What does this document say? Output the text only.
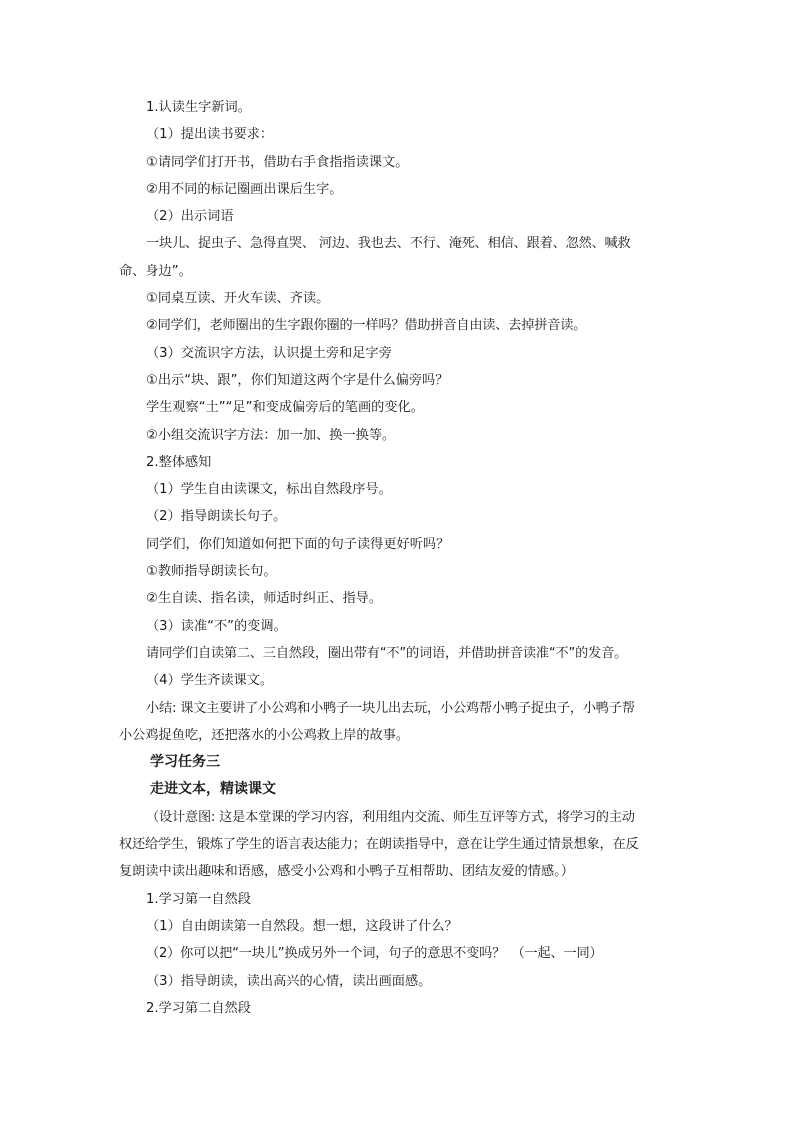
1.认读生字新词。
（1）提出读书要求：
①请同学们打开书，借助右手食指指读课文。
②用不同的标记圈画出课后生字。
（2）出示词语
一块儿、捉虫子、急得直哭、 河边、我也去、不行、淹死、相信、跟着、忽然、喊救
命、身边”。
①同桌互读、开火车读、齐读。
②同学们，老师圈出的生字跟你圈的一样吗？借助拼音自由读、去掉拼音读。
（3）交流识字方法，认识提土旁和足字旁
①出示“块、跟”，你们知道这两个字是什么偏旁吗？
学生观察“土”“足”和变成偏旁后的笔画的变化。
②小组交流识字方法：加一加、换一换等。
2.整体感知
（1）学生自由读课文，标出自然段序号。
（2）指导朗读长句子。
同学们，你们知道如何把下面的句子读得更好听吗？
①教师指导朗读长句。
②生自读、指名读，师适时纠正、指导。
（3）读准“不”的变调。
请同学们自读第二、三自然段，圈出带有“不”的词语，并借助拼音读准“不”的发音。
（4）学生齐读课文。
小结: 课文主要讲了小公鸡和小鸭子一块儿出去玩，小公鸡帮小鸭子捉虫子，小鸭子帮
小公鸡捉鱼吃，还把落水的小公鸡救上岸的故事。
学习任务三
走进文本，精读课文
（设计意图: 这是本堂课的学习内容，利用组内交流、师生互评等方式，将学习的主动
权还给学生，锻炼了学生的语言表达能力；在朗读指导中，意在让学生通过情景想象，在反
复朗读中读出趣味和语感，感受小公鸡和小鸭子互相帮助、团结友爱的情感。）
1.学习第一自然段
（1）自由朗读第一自然段。想一想，这段讲了什么？
（2）你可以把“一块儿”换成另外一个词，句子的意思不变吗？　（一起、一同）
（3）指导朗读，读出高兴的心情，读出画面感。
2.学习第二自然段
